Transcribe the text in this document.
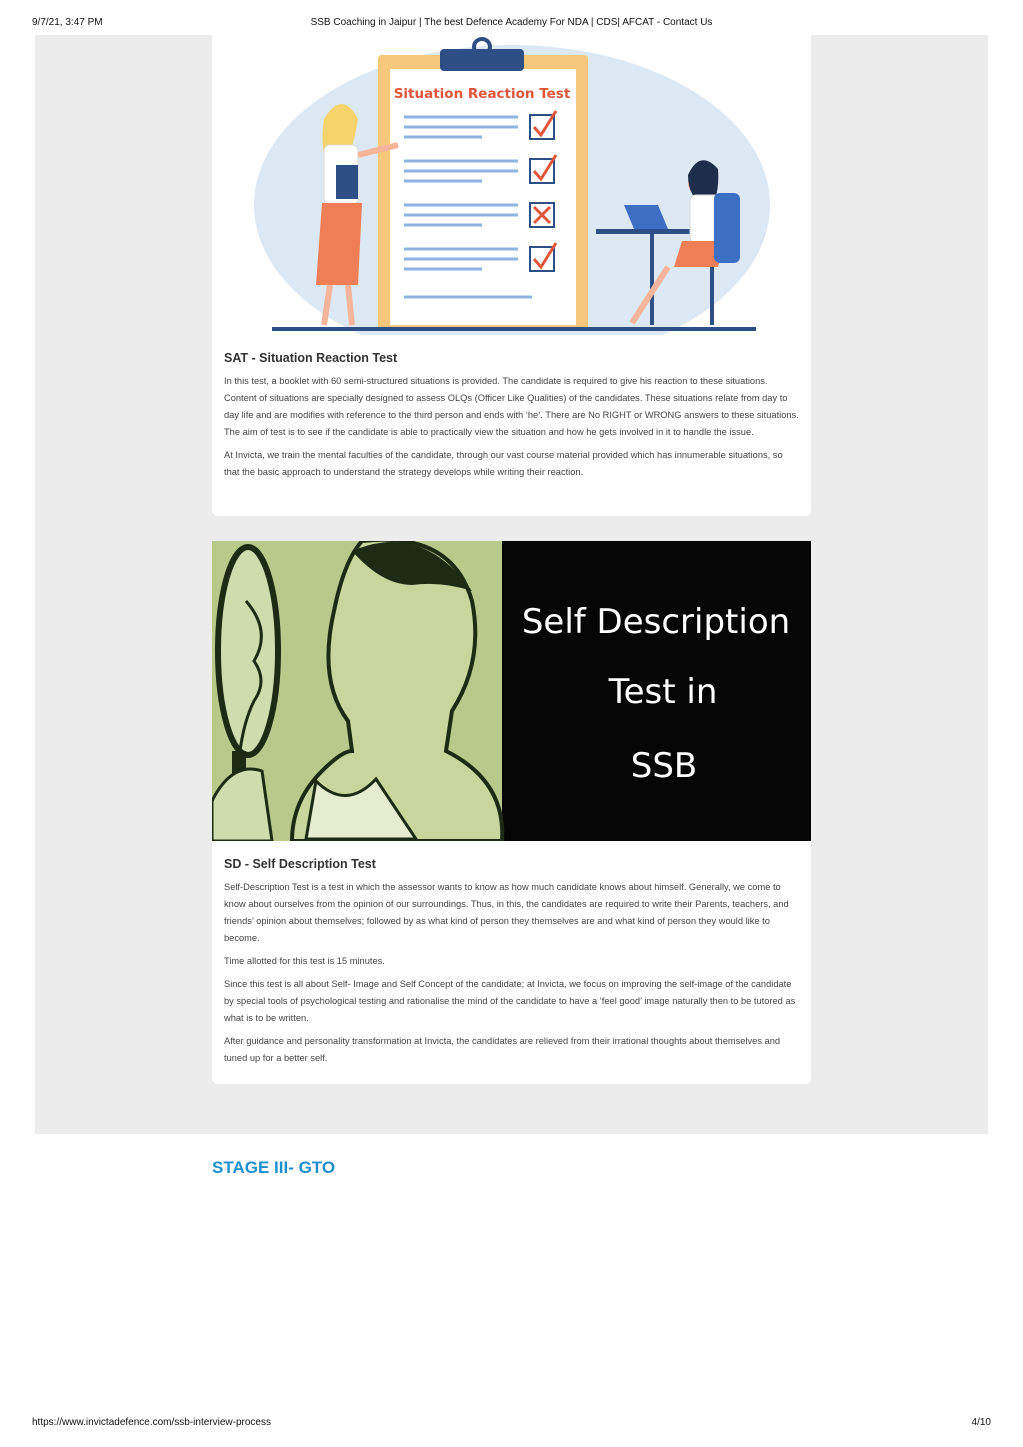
9/7/21, 3:47 PM	SSB Coaching in Jaipur | The best Defence Academy For NDA | CDS| AFCAT - Contact Us
Situation Reaction Test
SAT - Situation Reaction Test

In this test, a booklet with 60 semi-structured situations is provided. The candidate is required to give his reaction to these situations. Content of situations are specially designed to assess OLQs (Officer Like Qualities) of the candidates. These situations relate from day to day life and are modifies with reference to the third person and ends with ‘he’. There are No RIGHT or WRONG answers to these situations. The aim of test is to see if the candidate is able to practically view the situation and how he gets involved in it to handle the issue.

At Invicta, we train the mental faculties of the candidate, through our vast course material provided which has innumerable situations, so that the basic approach to understand the strategy develops while writing their reaction.

Self Description
Test in
SSB
SD - Self Description Test

Self-Description Test is a test in which the assessor wants to know as how much candidate knows about himself. Generally, we come to know about ourselves from the opinion of our surroundings. Thus, in this, the candidates are required to write their Parents, teachers, and friends’ opinion about themselves; followed by as what kind of person they themselves are and what kind of person they would like to become.

Time allotted for this test is 15 minutes.

Since this test is all about Self- Image and Self Concept of the candidate; at Invicta, we focus on improving the self-image of the candidate by special tools of psychological testing and rationalise the mind of the candidate to have a ‘feel good’ image naturally then to be tutored as what is to be written.

After guidance and personality transformation at Invicta, the candidates are relieved from their irrational thoughts about themselves and tuned up for a better self.

STAGE III- GTO
https://www.invictadefence.com/ssb-interview-process	4/10
